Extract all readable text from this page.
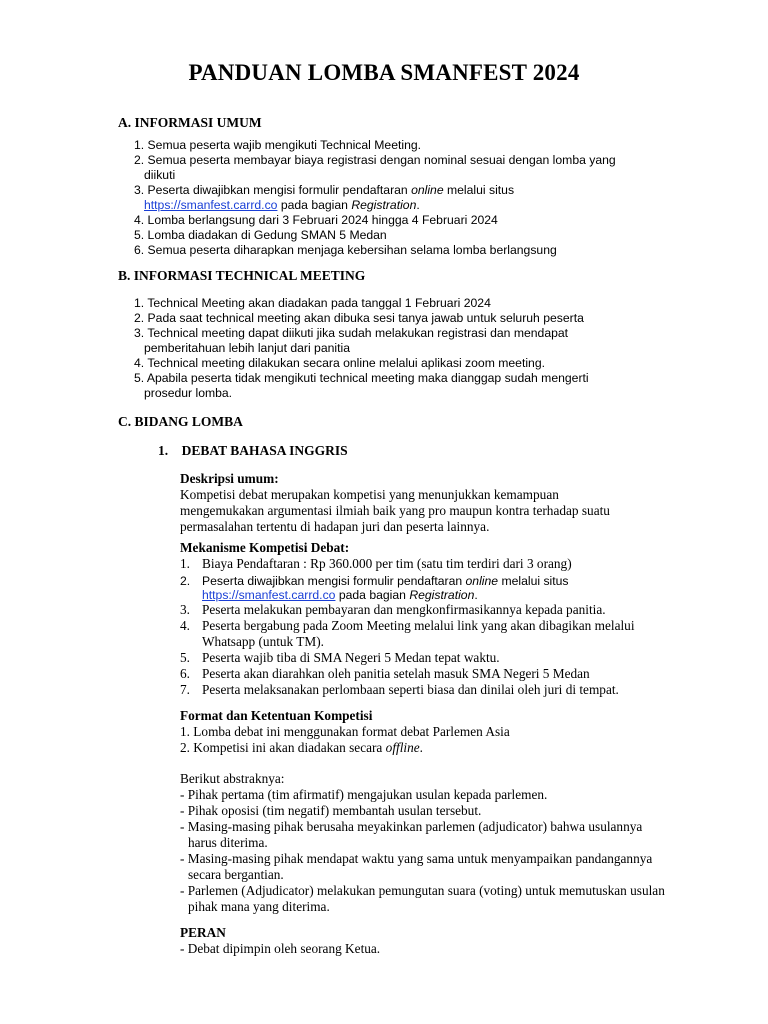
PANDUAN LOMBA SMANFEST 2024
A. INFORMASI UMUM
1. Semua peserta wajib mengikuti Technical Meeting.
2. Semua peserta membayar biaya registrasi dengan nominal sesuai dengan lomba yang
diikuti
3. Peserta diwajibkan mengisi formulir pendaftaran online melalui situs
https://smanfest.carrd.co pada bagian Registration.
4. Lomba berlangsung dari 3 Februari 2024 hingga 4 Februari 2024
5. Lomba diadakan di Gedung SMAN 5 Medan
6. Semua peserta diharapkan menjaga kebersihan selama lomba berlangsung
B. INFORMASI TECHNICAL MEETING
1. Technical Meeting akan diadakan pada tanggal 1 Februari 2024
2. Pada saat technical meeting akan dibuka sesi tanya jawab untuk seluruh peserta
3. Technical meeting dapat diikuti jika sudah melakukan registrasi dan mendapat
pemberitahuan lebih lanjut dari panitia
4. Technical meeting dilakukan secara online melalui aplikasi zoom meeting.
5. Apabila peserta tidak mengikuti technical meeting maka dianggap sudah mengerti
prosedur lomba.
C. BIDANG LOMBA
1.    DEBAT BAHASA INGGRIS
Deskripsi umum:
Kompetisi debat merupakan kompetisi yang menunjukkan kemampuan
mengemukakan argumentasi ilmiah baik yang pro maupun kontra terhadap suatu
permasalahan tertentu di hadapan juri dan peserta lainnya.
Mekanisme Kompetisi Debat:
1. Biaya Pendaftaran : Rp 360.000 per tim (satu tim terdiri dari 3 orang)
2. Peserta diwajibkan mengisi formulir pendaftaran online melalui situs
https://smanfest.carrd.co pada bagian Registration.
3. Peserta melakukan pembayaran dan mengkonfirmasikannya kepada panitia.
4. Peserta bergabung pada Zoom Meeting melalui link yang akan dibagikan melalui Whatsapp (untuk TM).
5. Peserta wajib tiba di SMA Negeri 5 Medan tepat waktu.
6. Peserta akan diarahkan oleh panitia setelah masuk SMA Negeri 5 Medan
7. Peserta melaksanakan perlombaan seperti biasa dan dinilai oleh juri di tempat.
Format dan Ketentuan Kompetisi
1. Lomba debat ini menggunakan format debat Parlemen Asia
2. Kompetisi ini akan diadakan secara offline.
Berikut abstraknya:
- Pihak pertama (tim afirmatif) mengajukan usulan kepada parlemen.
- Pihak oposisi (tim negatif) membantah usulan tersebut.
- Masing-masing pihak berusaha meyakinkan parlemen (adjudicator) bahwa usulannya harus diterima.
- Masing-masing pihak mendapat waktu yang sama untuk menyampaikan pandangannya secara bergantian.
- Parlemen (Adjudicator) melakukan pemungutan suara (voting) untuk memutuskan usulan pihak mana yang diterima.
PERAN
- Debat dipimpin oleh seorang Ketua.
